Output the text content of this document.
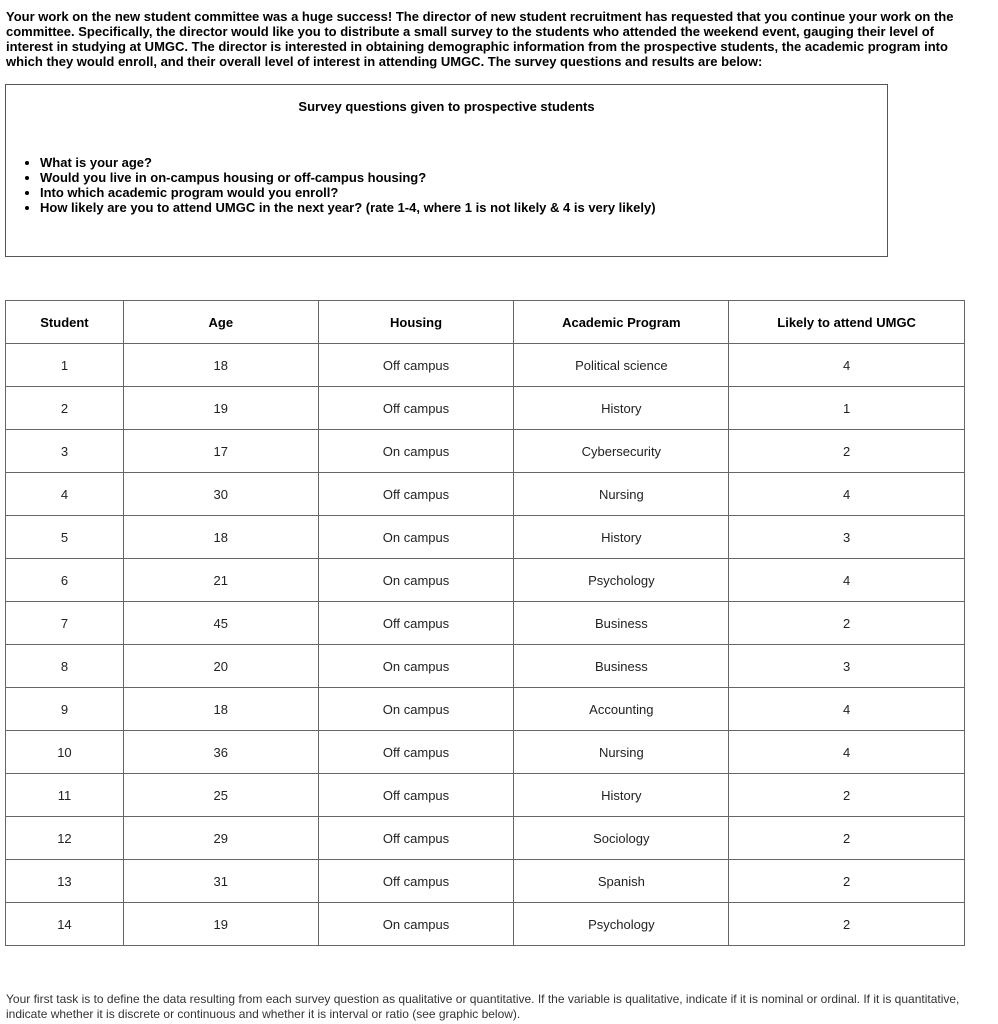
Your work on the new student committee was a huge success! The director of new student recruitment has requested that you continue your work on the committee. Specifically, the director would like you to distribute a small survey to the students who attended the weekend event, gauging their level of interest in studying at UMGC. The director is interested in obtaining demographic information from the prospective students, the academic program into which they would enroll, and their overall level of interest in attending UMGC. The survey questions and results are below:

Survey questions given to prospective students

• What is your age?
• Would you live in on-campus housing or off-campus housing?
• Into which academic program would you enroll?
• How likely are you to attend UMGC in the next year? (rate 1-4, where 1 is not likely & 4 is very likely)
Student	Age	Housing	Academic Program	Likely to attend UMGC
1	18	Off campus	Political science	4
2	19	Off campus	History	1
3	17	On campus	Cybersecurity	2
4	30	Off campus	Nursing	4
5	18	On campus	History	3
6	21	On campus	Psychology	4
7	45	Off campus	Business	2
8	20	On campus	Business	3
9	18	On campus	Accounting	4
10	36	Off campus	Nursing	4
11	25	Off campus	History	2
12	29	Off campus	Sociology	2
13	31	Off campus	Spanish	2
14	19	On campus	Psychology	2

Your first task is to define the data resulting from each survey question as qualitative or quantitative. If the variable is qualitative, indicate if it is nominal or ordinal. If it is quantitative, indicate whether it is discrete or continuous and whether it is interval or ratio (see graphic below).
